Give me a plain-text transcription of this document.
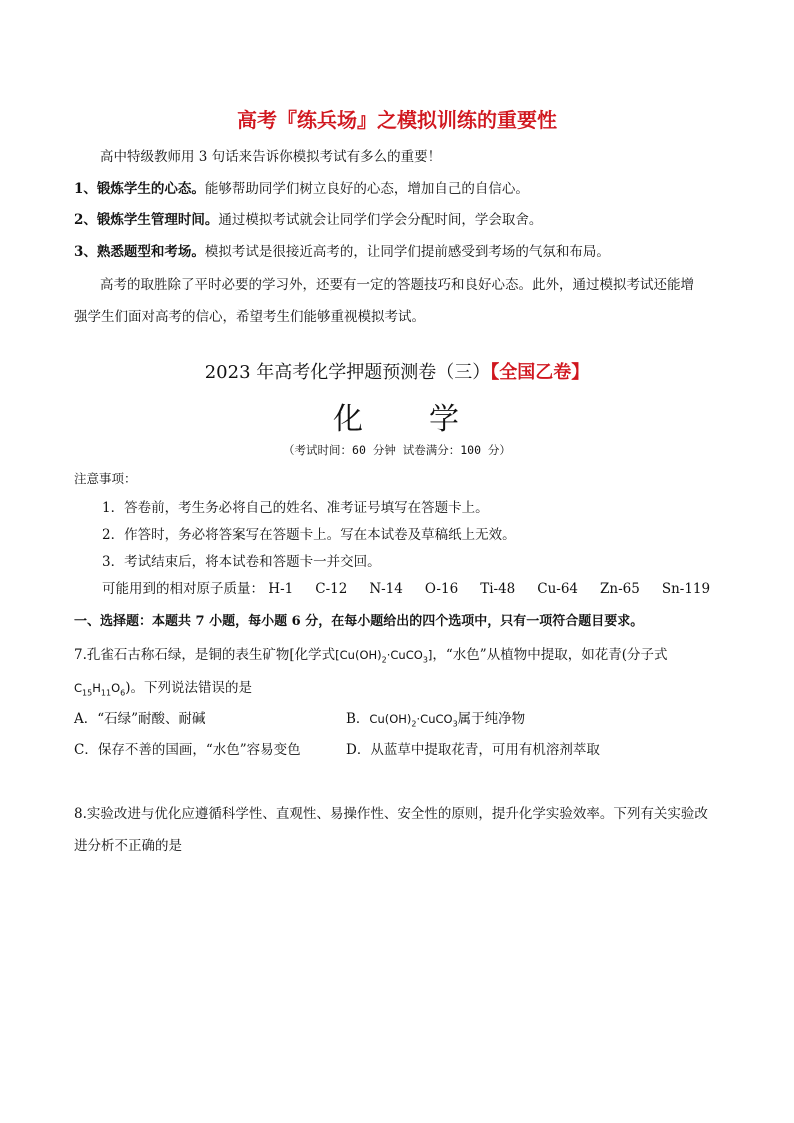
高考『练兵场』之模拟训练的重要性
高中特级教师用 3 句话来告诉你模拟考试有多么的重要！
1、锻炼学生的心态。能够帮助同学们树立良好的心态，增加自己的自信心。
2、锻炼学生管理时间。通过模拟考试就会让同学们学会分配时间，学会取舍。
3、熟悉题型和考场。模拟考试是很接近高考的，让同学们提前感受到考场的气氛和布局。
高考的取胜除了平时必要的学习外，还要有一定的答题技巧和良好心态。此外，通过模拟考试还能增
强学生们面对高考的信心，希望考生们能够重视模拟考试。
2023 年高考化学押题预测卷（三）【全国乙卷】
化 学
（考试时间：60 分钟 试卷满分：100 分）
注意事项：
1．答卷前，考生务必将自己的姓名、准考证号填写在答题卡上。
2．作答时，务必将答案写在答题卡上。写在本试卷及草稿纸上无效。
3．考试结束后，将本试卷和答题卡一并交回。
可能用到的相对原子质量： H-1 C-12 N-14 O-16 Ti-48 Cu-64 Zn-65 Sn-119
一、选择题：本题共 7 小题，每小题 6 分，在每小题给出的四个选项中，只有一项符合题目要求。
7.孔雀石古称石绿，是铜的表生矿物[化学式$[Cu(OH)_2\cdot CuCO_3]$，“水色”从植物中提取，如花青(分子式
$C_{15}H_{11}O_6$)。下列说法错误的是
A．“石绿”耐酸、耐碱	B．$Cu(OH)_2\cdot CuCO_3$属于纯净物
C．保存不善的国画，“水色”容易变色	D．从蓝草中提取花青，可用有机溶剂萃取
8.实验改进与优化应遵循科学性、直观性、易操作性、安全性的原则，提升化学实验效率。下列有关实验改
进分析不正确的是
